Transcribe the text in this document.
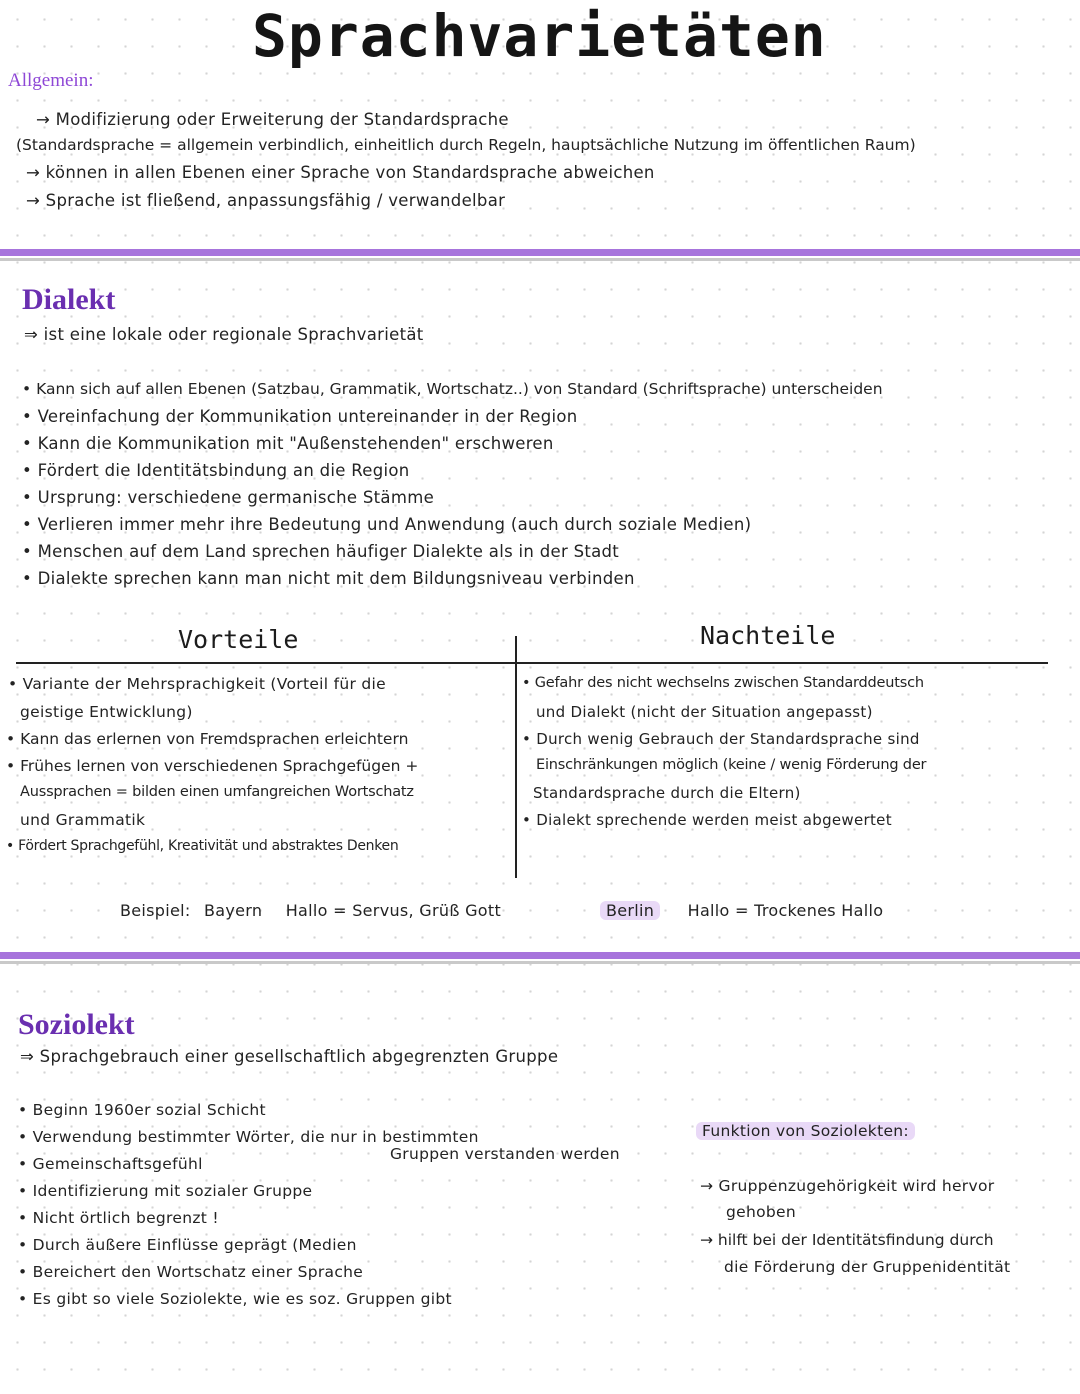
Sprachvarietäten
Allgemein:
→ Modifizierung oder Erweiterung der Standardsprache
(Standardsprache = allgemein verbindlich, einheitlich durch Regeln, hauptsächliche Nutzung im öffentlichen Raum)
→ können in allen Ebenen einer Sprache von Standardsprache abweichen
→ Sprache ist fließend, anpassungsfähig / verwandelbar
Dialekt
⇒ ist eine lokale oder regionale Sprachvarietät
• Kann sich auf allen Ebenen (Satzbau, Grammatik, Wortschatz..) von Standard (Schriftsprache) unterscheiden
• Vereinfachung der Kommunikation untereinander in der Region
• Kann die Kommunikation mit "Außenstehenden" erschweren
• Fördert die Identitätsbindung an die Region
• Ursprung: verschiedene germanische Stämme
• Verlieren immer mehr ihre Bedeutung und Anwendung (auch durch soziale Medien)
• Menschen auf dem Land sprechen häufiger Dialekte als in der Stadt
• Dialekte sprechen kann man nicht mit dem Bildungsniveau verbinden
Vorteile	Nachteile
• Variante der Mehrsprachigkeit (Vorteil für die
geistige Entwicklung)
• Kann das erlernen von Fremdsprachen erleichtern
• Frühes lernen von verschiedenen Sprachgefügen +
Aussprachen = bilden einen umfangreichen Wortschatz
und Grammatik
• Fördert Sprachgefühl, Kreativität und abstraktes Denken
• Gefahr des nicht wechselns zwischen Standarddeutsch
und Dialekt (nicht der Situation angepasst)
• Durch wenig Gebrauch der Standardsprache sind
Einschränkungen möglich (keine / wenig Förderung der
Standardsprache durch die Eltern)
• Dialekt sprechende werden meist abgewertet
Beispiel: Bayern Hallo = Servus, Grüß Gott	Berlin Hallo = Trockenes Hallo
Soziolekt
⇒ Sprachgebrauch einer gesellschaftlich abgegrenzten Gruppe
• Beginn 1960er sozial Schicht
• Verwendung bestimmter Wörter, die nur in bestimmten
Gruppen verstanden werden
• Gemeinschaftsgefühl
• Identifizierung mit sozialer Gruppe
• Nicht örtlich begrenzt !
• Durch äußere Einflüsse geprägt (Medien
• Bereichert den Wortschatz einer Sprache
• Es gibt so viele Soziolekte, wie es soz. Gruppen gibt
Funktion von Soziolekten:
→ Gruppenzugehörigkeit wird hervor
gehoben
→ hilft bei der Identitätsfindung durch
die Förderung der Gruppenidentität
